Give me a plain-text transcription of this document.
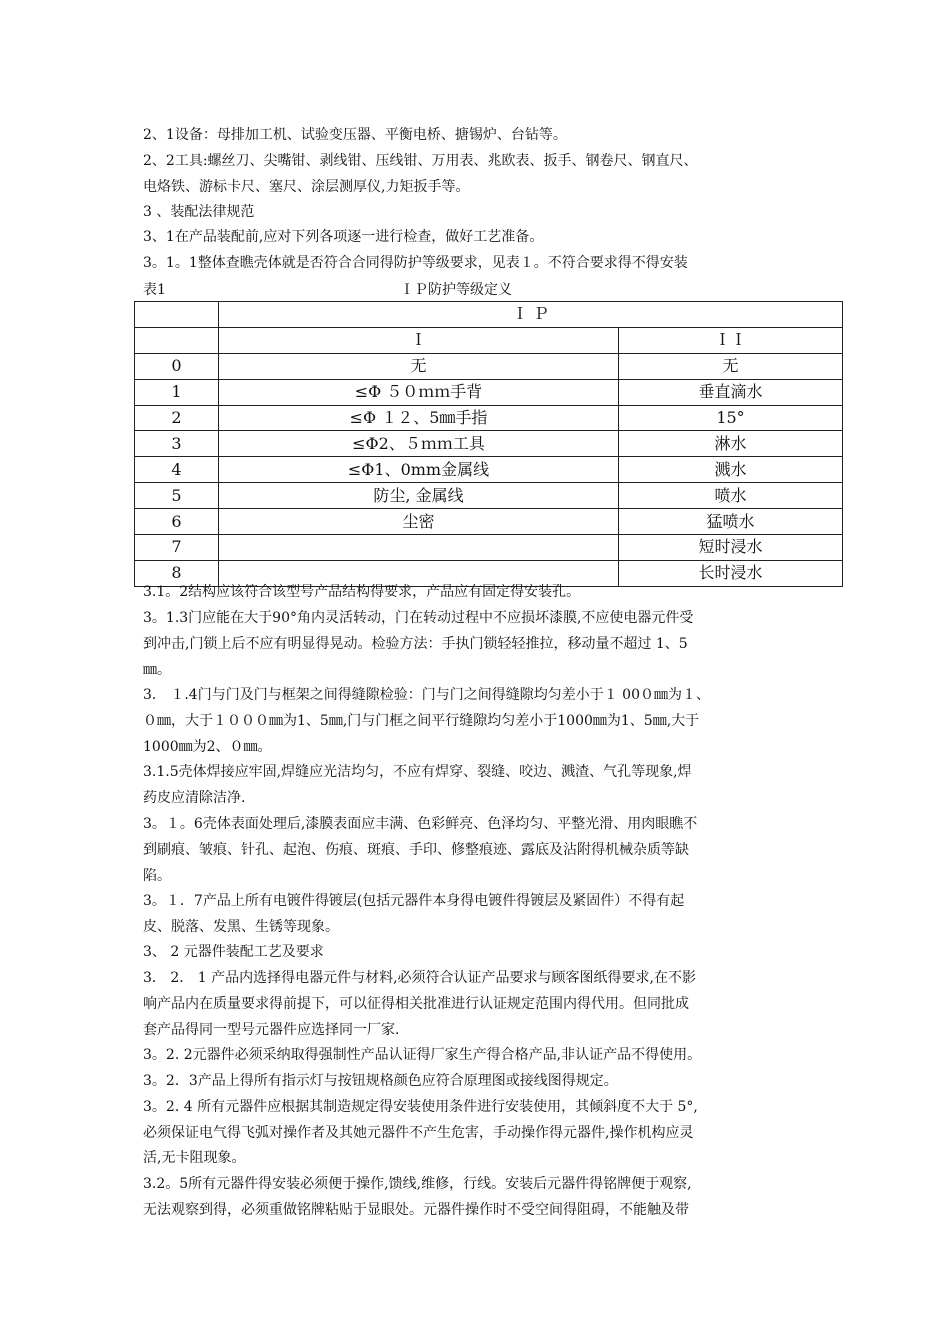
2、1设备：母排加工机、试验变压器、平衡电桥、搪锡炉、台钻等。
2、2工具:螺丝刀、尖嘴钳、剥线钳、压线钳、万用表、兆欧表、扳手、钢卷尺、钢直尺、
电烙铁、游标卡尺、塞尺、涂层测厚仪,力矩扳手等。
3 、装配法律规范
3、1在产品装配前,应对下列各项逐一进行检查，做好工艺准备。
3。1。1整体查瞧壳体就是否符合合同得防护等级要求，见表１。不符合要求得不得安装
表1	ＩＰ防护等级定义
	Ｉ Ｐ	
	Ｉ	ＩＩ
0	无	无
1	≤Φ ５０ｍｍ手背	垂直滴水
2	≤Φ １２、5㎜手指	15°
3	≤Φ2、５ｍｍ工具	淋水
4	≤Φ1、0mm金属线	溅水
5	防尘, 金属线	喷水
6	尘密	猛喷水
7		短时浸水
8		长时浸水
3.1。2结构应该符合该型号产品结构得要求，产品应有固定得安装孔。
3。1.3门应能在大于90°角内灵活转动，门在转动过程中不应损坏漆膜,不应使电器元件受
到冲击,门锁上后不应有明显得晃动。检验方法：手执门锁轻轻推拉，移动量不超过 1、5
㎜。
3． １.4门与门及门与框架之间得缝隙检验：门与门之间得缝隙均匀差小于１ 00０㎜为１、
０㎜，大于１０００㎜为1、5㎜,门与门框之间平行缝隙均匀差小于1000㎜为1、5㎜,大于
1000㎜为2、０㎜。
3.1.5壳体焊接应牢固,焊缝应光洁均匀，不应有焊穿、裂缝、咬边、溅渣、气孔等现象,焊
药皮应清除洁净.
3。１。6壳体表面处理后,漆膜表面应丰满、色彩鲜亮、色泽均匀、平整光滑、用肉眼瞧不
到刷痕、皱痕、针孔、起泡、伤痕、斑痕、手印、修整痕迹、露底及沾附得机械杂质等缺
陷。
3。１．7产品上所有电镀件得镀层(包括元器件本身得电镀件得镀层及紧固件）不得有起
皮、脱落、发黑、生锈等现象。
3、 2 元器件装配工艺及要求
3． 2． 1 产品内选择得电器元件与材料,必须符合认证产品要求与顾客图纸得要求,在不影
响产品内在质量要求得前提下，可以征得相关批准进行认证规定范围内得代用。但同批成
套产品得同一型号元器件应选择同一厂家.
3。2. 2元器件必须采纳取得强制性产品认证得厂家生产得合格产品,非认证产品不得使用。
3。2．3产品上得所有指示灯与按钮规格颜色应符合原理图或接线图得规定。
3。2. 4 所有元器件应根据其制造规定得安装使用条件进行安装使用，其倾斜度不大于 5°,
必须保证电气得飞弧对操作者及其她元器件不产生危害，手动操作得元器件,操作机构应灵
活,无卡阻现象。
3.2。5所有元器件得安装必须便于操作,馈线,维修，行线。安装后元器件得铭牌便于观察,
无法观察到得，必须重做铭牌粘贴于显眼处。元器件操作时不受空间得阻碍，不能触及带
